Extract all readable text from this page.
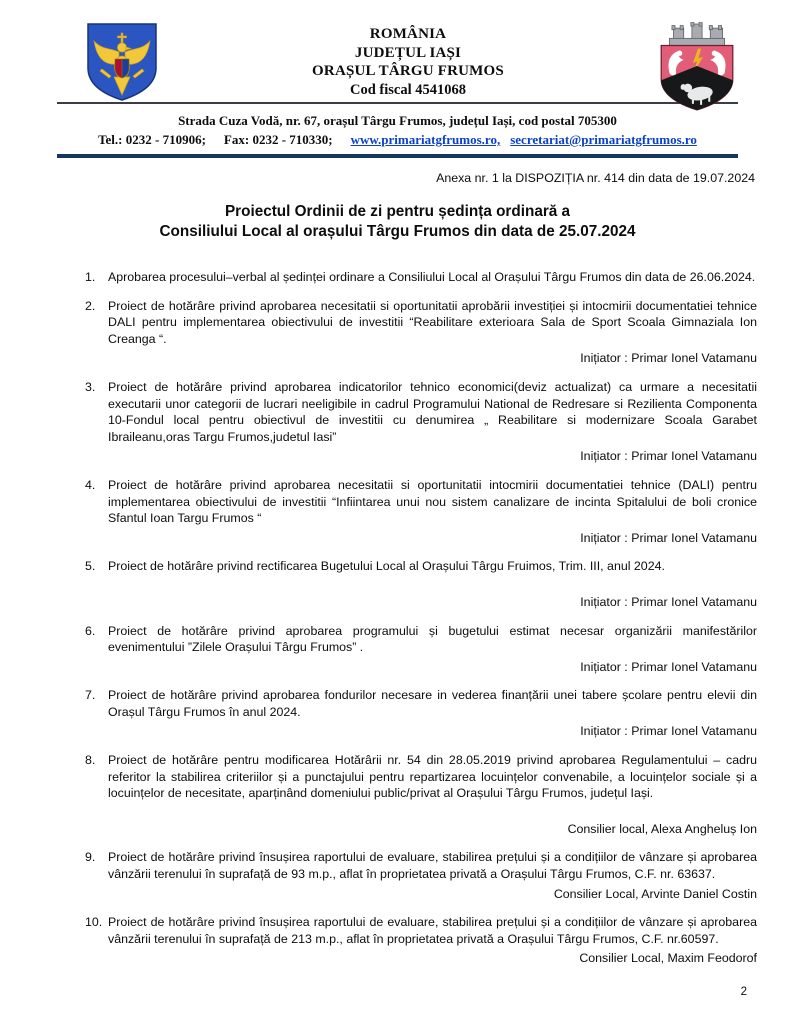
ROMÂNIA
JUDEȚUL IAȘI
ORAȘUL TÂRGU FRUMOS
Cod fiscal 4541068
Strada Cuza Vodă, nr. 67, orașul Târgu Frumos, județul Iași, cod postal 705300
Tel.: 0232 - 710906; Fax: 0232 - 710330; www.primariatgfrumos.ro, secretariat@primariatgfrumos.ro
Anexa nr. 1 la DISPOZIȚIA nr. 414 din data de 19.07.2024
Proiectul Ordinii de zi pentru ședința ordinară a
Consiliului Local al orașului Târgu Frumos din data de 25.07.2024
1.	Aprobarea procesului–verbal al ședinței ordinare a Consiliului Local al Orașului Târgu Frumos din data de 26.06.2024.
2.	Proiect de hotărâre privind aprobarea necesitatii si oportunitatii aprobării investiției și intocmirii documentatiei tehnice DALI pentru implementarea obiectivului de investitii “Reabilitare exterioara Sala de Sport Scoala Gimnaziala Ion Creanga “.
Inițiator : Primar Ionel Vatamanu
3.	Proiect de hotărâre privind aprobarea indicatorilor tehnico economici(deviz actualizat) ca urmare a necesitatii executarii unor categorii de lucrari neeligibile in cadrul Programului National de Redresare si Rezilienta Componenta 10-Fondul local pentru obiectivul de investitii cu denumirea „ Reabilitare si modernizare Scoala Garabet Ibraileanu,oras Targu Frumos,judetul Iasi”
Inițiator : Primar Ionel Vatamanu
4.	Proiect de hotărâre privind aprobarea necesitatii si oportunitatii intocmirii documentatiei tehnice (DALI) pentru implementarea obiectivului de investitii “Infiintarea unui nou sistem canalizare de incinta Spitalului de boli cronice Sfantul Ioan Targu Frumos “
Inițiator : Primar Ionel Vatamanu
5.	Proiect de hotărâre privind rectificarea Bugetului Local al Orașului Târgu Fruimos, Trim. III, anul 2024.
Inițiator : Primar Ionel Vatamanu
6.	Proiect de hotărâre privind aprobarea programului și bugetului estimat necesar organizării manifestărilor evenimentului ”Zilele Orașului Târgu Frumos” .
Inițiator : Primar Ionel Vatamanu
7.	Proiect de hotărâre privind aprobarea fondurilor necesare in vederea finanțării unei tabere școlare pentru elevii din Orașul Târgu Frumos în anul 2024.
Inițiator : Primar Ionel Vatamanu
8.	Proiect de hotărâre pentru modificarea Hotărârii nr. 54 din 28.05.2019 privind aprobarea Regulamentului – cadru referitor la stabilirea criteriilor și a punctajului pentru repartizarea locuințelor convenabile, a locuințelor sociale și a locuințelor de necesitate, aparținând domeniului public/privat al Orașului Târgu Frumos, județul Iași.
Consilier local, Alexa Angheluș Ion
9.	Proiect de hotărâre privind însușirea raportului de evaluare, stabilirea prețului și a condițiilor de vânzare și aprobarea vânzării terenului în suprafață de 93 m.p., aflat în proprietatea privată a Orașului Târgu Frumos, C.F. nr. 63637.
Consilier Local, Arvinte Daniel Costin
10. Proiect de hotărâre privind însușirea raportului de evaluare, stabilirea prețului și a condițiilor de vânzare și aprobarea vânzării terenului în suprafață de 213 m.p., aflat în proprietatea privată a Orașului Târgu Frumos, C.F. nr.60597.
Consilier Local, Maxim Feodorof
2
